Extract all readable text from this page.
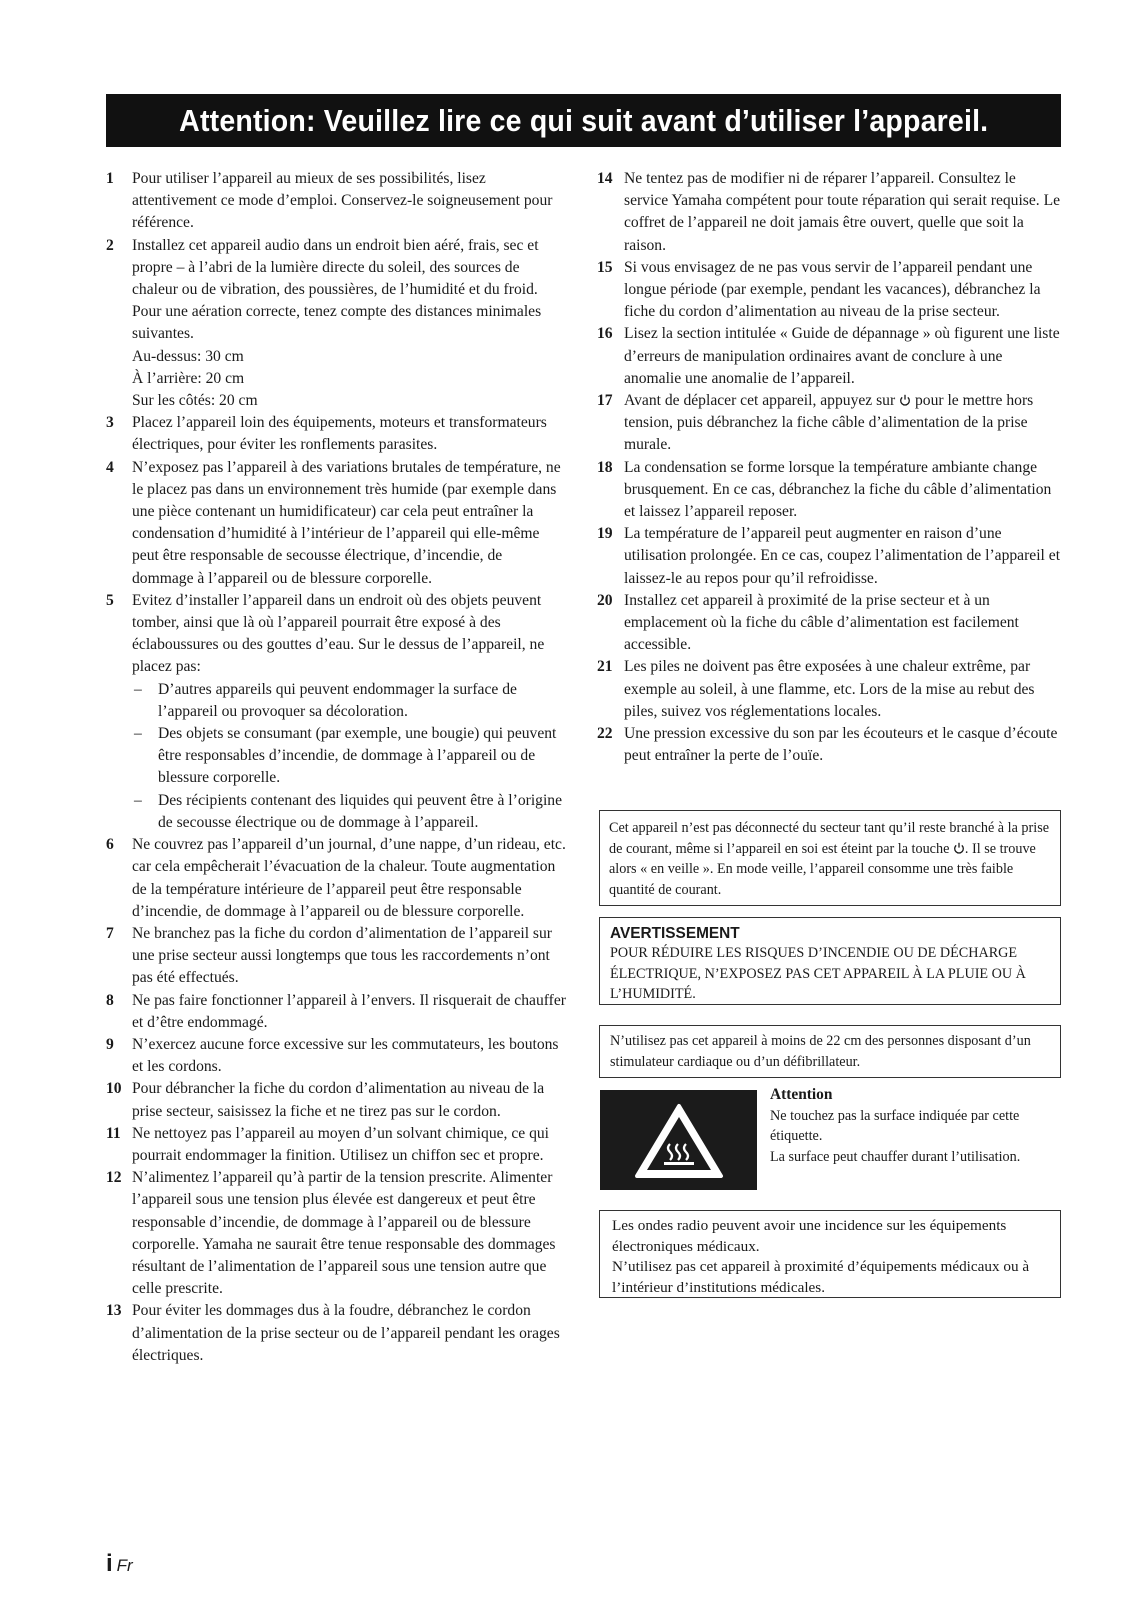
Attention: Veuillez lire ce qui suit avant d’utiliser l’appareil.
1 Pour utiliser l’appareil au mieux de ses possibilités, lisez attentivement ce mode d’emploi. Conservez-le soigneusement pour référence.
2 Installez cet appareil audio dans un endroit bien aéré, frais, sec et propre – à l’abri de la lumière directe du soleil, des sources de chaleur ou de vibration, des poussières, de l’humidité et du froid. Pour une aération correcte, tenez compte des distances minimales suivantes.
Au-dessus: 30 cm
À l’arrière: 20 cm
Sur les côtés: 20 cm
3 Placez l’appareil loin des équipements, moteurs et transformateurs électriques, pour éviter les ronflements parasites.
4 N’exposez pas l’appareil à des variations brutales de température, ne le placez pas dans un environnement très humide (par exemple dans une pièce contenant un humidificateur) car cela peut entraîner la condensation d’humidité à l’intérieur de l’appareil qui elle-même peut être responsable de secousse électrique, d’incendie, de dommage à l’appareil ou de blessure corporelle.
5 Evitez d’installer l’appareil dans un endroit où des objets peuvent tomber, ainsi que là où l’appareil pourrait être exposé à des éclaboussures ou des gouttes d’eau. Sur le dessus de l’appareil, ne placez pas:
– D’autres appareils qui peuvent endommager la surface de l’appareil ou provoquer sa décoloration.
– Des objets se consumant (par exemple, une bougie) qui peuvent être responsables d’incendie, de dommage à l’appareil ou de blessure corporelle.
– Des récipients contenant des liquides qui peuvent être à l’origine de secousse électrique ou de dommage à l’appareil.
6 Ne couvrez pas l’appareil d’un journal, d’une nappe, d’un rideau, etc. car cela empêcherait l’évacuation de la chaleur. Toute augmentation de la température intérieure de l’appareil peut être responsable d’incendie, de dommage à l’appareil ou de blessure corporelle.
7 Ne branchez pas la fiche du cordon d’alimentation de l’appareil sur une prise secteur aussi longtemps que tous les raccordements n’ont pas été effectués.
8 Ne pas faire fonctionner l’appareil à l’envers. Il risquerait de chauffer et d’être endommagé.
9 N’exercez aucune force excessive sur les commutateurs, les boutons et les cordons.
10 Pour débrancher la fiche du cordon d’alimentation au niveau de la prise secteur, saisissez la fiche et ne tirez pas sur le cordon.
11 Ne nettoyez pas l’appareil au moyen d’un solvant chimique, ce qui pourrait endommager la finition. Utilisez un chiffon sec et propre.
12 N’alimentez l’appareil qu’à partir de la tension prescrite. Alimenter l’appareil sous une tension plus élevée est dangereux et peut être responsable d’incendie, de dommage à l’appareil ou de blessure corporelle. Yamaha ne saurait être tenue responsable des dommages résultant de l’alimentation de l’appareil sous une tension autre que celle prescrite.
13 Pour éviter les dommages dus à la foudre, débranchez le cordon d’alimentation de la prise secteur ou de l’appareil pendant les orages électriques.
14 Ne tentez pas de modifier ni de réparer l’appareil. Consultez le service Yamaha compétent pour toute réparation qui serait requise. Le coffret de l’appareil ne doit jamais être ouvert, quelle que soit la raison.
15 Si vous envisagez de ne pas vous servir de l’appareil pendant une longue période (par exemple, pendant les vacances), débranchez la fiche du cordon d’alimentation au niveau de la prise secteur.
16 Lisez la section intitulée « Guide de dépannage » où figurent une liste d’erreurs de manipulation ordinaires avant de conclure à une anomalie une anomalie de l’appareil.
17 Avant de déplacer cet appareil, appuyez sur pour le mettre hors tension, puis débranchez la fiche câble d’alimentation de la prise murale.
18 La condensation se forme lorsque la température ambiante change brusquement. En ce cas, débranchez la fiche du câble d’alimentation et laissez l’appareil reposer.
19 La température de l’appareil peut augmenter en raison d’une utilisation prolongée. En ce cas, coupez l’alimentation de l’appareil et laissez-le au repos pour qu’il refroidisse.
20 Installez cet appareil à proximité de la prise secteur et à un emplacement où la fiche du câble d’alimentation est facilement accessible.
21 Les piles ne doivent pas être exposées à une chaleur extrême, par exemple au soleil, à une flamme, etc. Lors de la mise au rebut des piles, suivez vos réglementations locales.
22 Une pression excessive du son par les écouteurs et le casque d’écoute peut entraîner la perte de l’ouïe.
Cet appareil n’est pas déconnecté du secteur tant qu’il reste branché à la prise de courant, même si l’appareil en soi est éteint par la touche . Il se trouve alors « en veille ». En mode veille, l’appareil consomme une très faible quantité de courant.
AVERTISSEMENT
POUR RÉDUIRE LES RISQUES D’INCENDIE OU DE DÉCHARGE ÉLECTRIQUE, N’EXPOSEZ PAS CET APPAREIL À LA PLUIE OU À L’HUMIDITÉ.
N’utilisez pas cet appareil à moins de 22 cm des personnes disposant d’un stimulateur cardiaque ou d’un défibrillateur.
Attention
Ne touchez pas la surface indiquée par cette étiquette.
La surface peut chauffer durant l’utilisation.
Les ondes radio peuvent avoir une incidence sur les équipements électroniques médicaux.
N’utilisez pas cet appareil à proximité d’équipements médicaux ou à l’intérieur d’institutions médicales.
i Fr
